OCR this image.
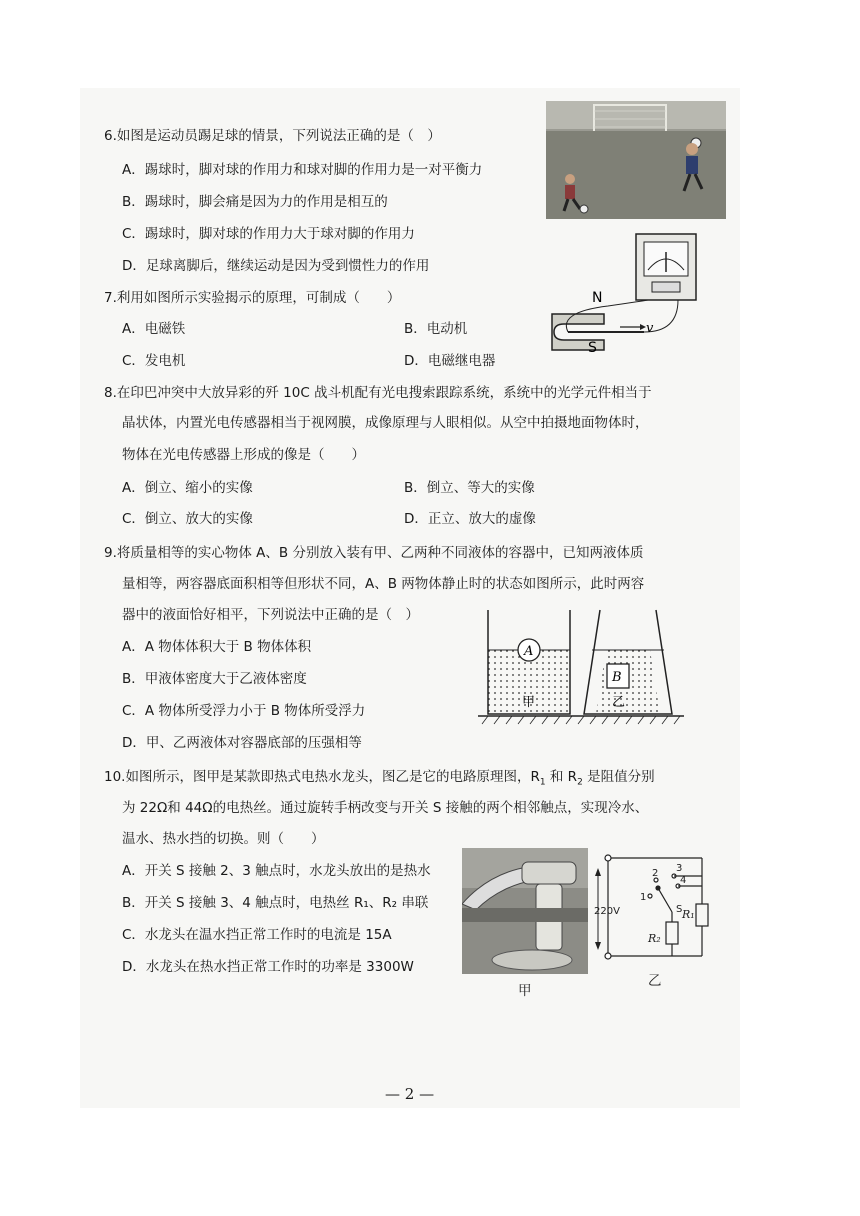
6.如图是运动员踢足球的情景，下列说法正确的是（　）
A．踢球时，脚对球的作用力和球对脚的作用力是一对平衡力
B．踢球时，脚会痛是因为力的作用是相互的
C．踢球时，脚对球的作用力大于球对脚的作用力
D．足球离脚后，继续运动是因为受到惯性力的作用
7.利用如图所示实验揭示的原理，可制成（　　）
A．电磁铁	B．电动机
C．发电机	D．电磁继电器
N
S
v
8.在印巴冲突中大放异彩的歼 10C 战斗机配有光电搜索跟踪系统，系统中的光学元件相当于
晶状体，内置光电传感器相当于视网膜，成像原理与人眼相似。从空中拍摄地面物体时，
物体在光电传感器上形成的像是（　　）
A．倒立、缩小的实像	B．倒立、等大的实像
C．倒立、放大的实像	D．正立、放大的虚像
9.将质量相等的实心物体 A、B 分别放入装有甲、乙两种不同液体的容器中，已知两液体质
量相等，两容器底面积相等但形状不同，A、B 两物体静止时的状态如图所示，此时两容
器中的液面恰好相平，下列说法中正确的是（　）
A．A 物体体积大于 B 物体体积
B．甲液体密度大于乙液体密度
C．A 物体所受浮力小于 B 物体所受浮力
D．甲、乙两液体对容器底部的压强相等
A
甲
B
乙
10.如图所示，图甲是某款即热式电热水龙头，图乙是它的电路原理图，$R_1$ 和 $R_2$ 是阻值分别
为 22Ω和 44Ω的电热丝。通过旋转手柄改变与开关 S 接触的两个相邻触点，实现冷水、
温水、热水挡的切换。则（　　）
A．开关 S 接触 2、3 触点时，水龙头放出的是热水
B．开关 S 接触 3、4 触点时，电热丝 R₁、R₂ 串联
C．水龙头在温水挡正常工作时的电流是 15A
D．水龙头在热水挡正常工作时的功率是 3300W
甲
220V
1
2 3
4
S R₁
R₂
乙
— 2 —
